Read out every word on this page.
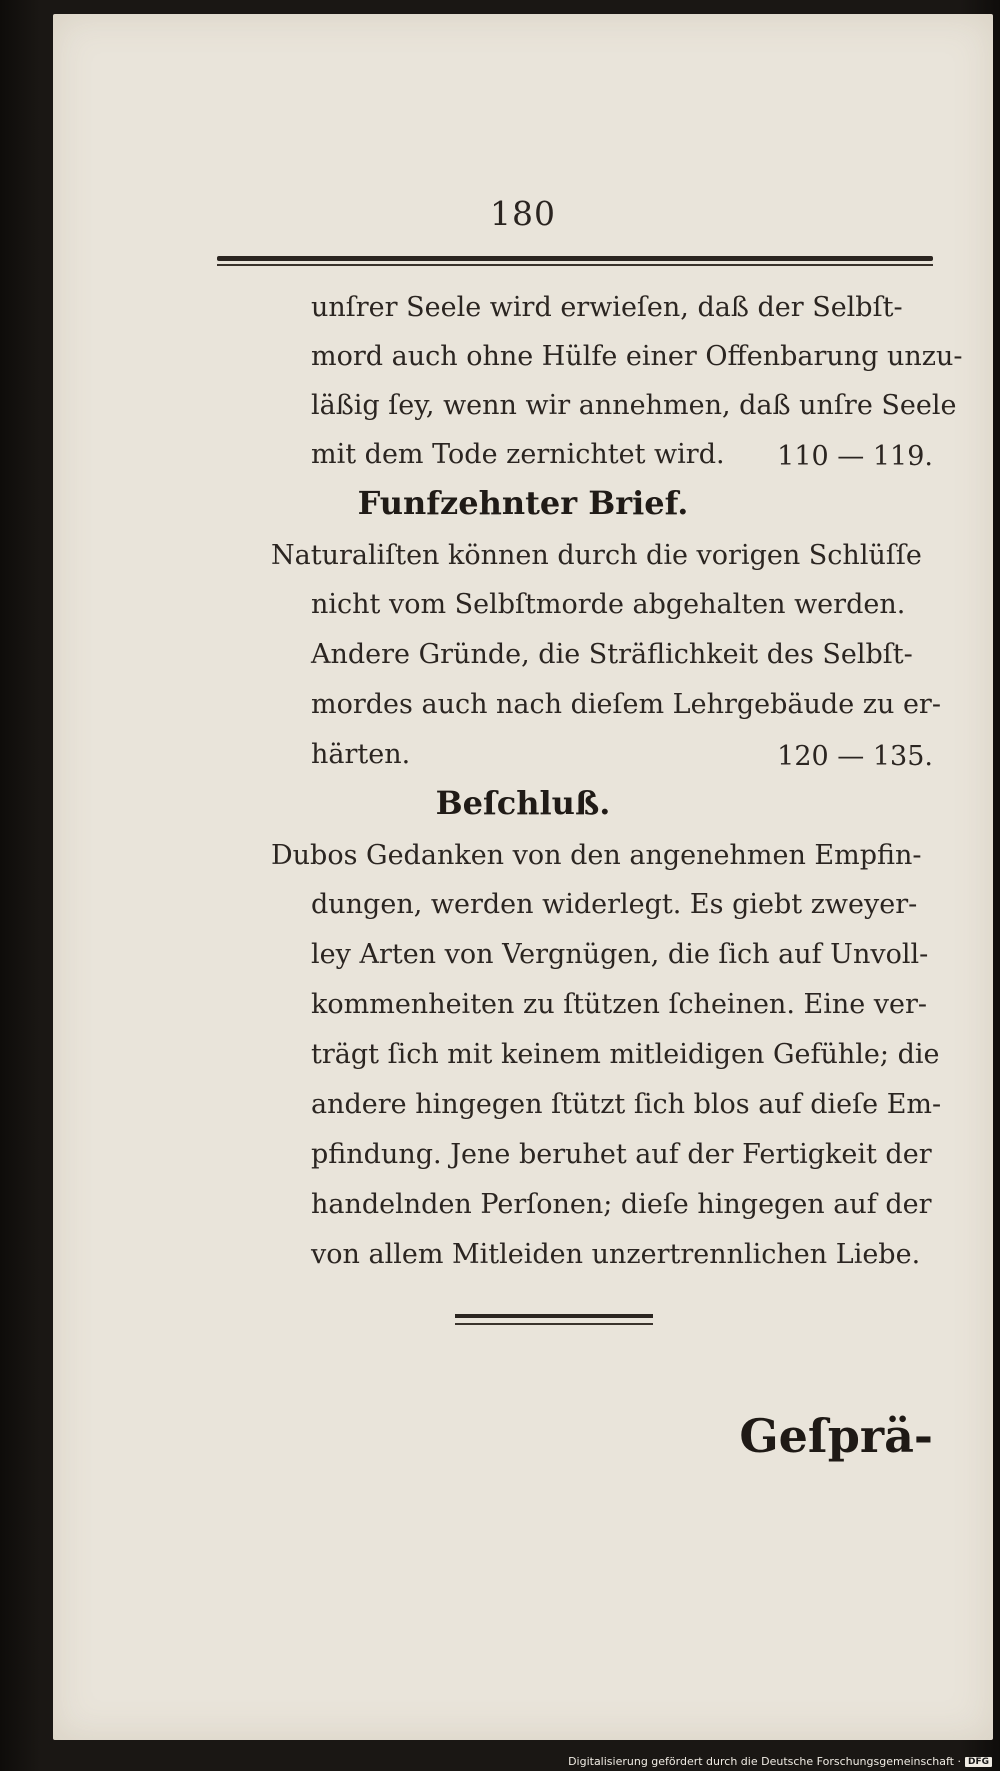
180
unſrer Seele wird erwieſen, daß der Selbſt-
mord auch ohne Hülfe einer Offenbarung unzu-
läßig ſey, wenn wir annehmen, daß unſre Seele
mit dem Tode zernichtet wird. 110 — 119.
Funfzehnter Brief.
Naturaliſten können durch die vorigen Schlüſſe
nicht vom Selbſtmorde abgehalten werden.
Andere Gründe, die Sträflichkeit des Selbſt-
mordes auch nach dieſem Lehrgebäude zu er-
härten.	120 — 135.
Beſchluß.
Dubos Gedanken von den angenehmen Empfin-
dungen, werden widerlegt. Es giebt zweyer-
ley Arten von Vergnügen, die ſich auf Unvoll-
kommenheiten zu ſtützen ſcheinen. Eine ver-
trägt ſich mit keinem mitleidigen Gefühle; die
andere hingegen ſtützt ſich blos auf dieſe Em-
pfindung. Jene beruhet auf der Fertigkeit der
handelnden Perſonen; dieſe hingegen auf der
von allem Mitleiden unzertrennlichen Liebe.
Geſprä-
Digitalisierung gefördert durch die Deutsche Forschungsgemeinschaft · DFG
